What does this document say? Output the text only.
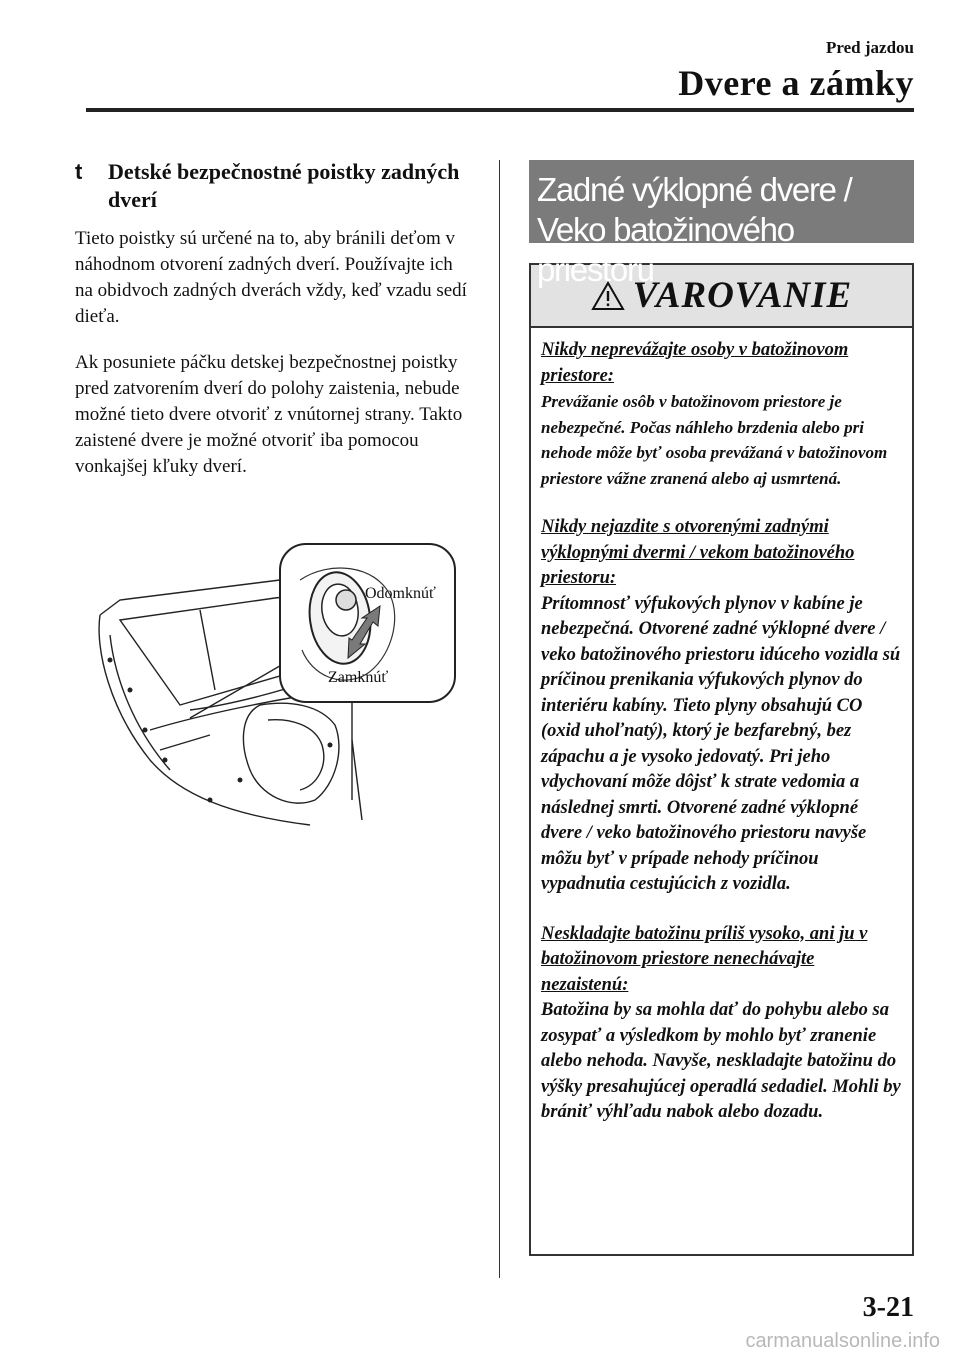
Pred jazdou
Dvere a zámky
t	Detské bezpečnostné poistky zadných dverí

Tieto poistky sú určené na to, aby bránili deťom v náhodnom otvorení zadných dverí. Používajte ich na obidvoch zadných dverách vždy, keď vzadu sedí dieťa.

Ak posuniete páčku detskej bezpečnostnej poistky pred zatvorením dverí do polohy zaistenia, nebude možné tieto dvere otvoriť z vnútornej strany. Takto zaistené dvere je možné otvoriť iba pomocou vonkajšej kľuky dverí.

Odomknúť
Zamknúť
Zadné výklopné dvere / Veko batožinového priestoru
VAROVANIE
Nikdy neprevážajte osoby v batožinovom priestore:
Prevážanie osôb v batožinovom priestore je nebezpečné. Počas náhleho brzdenia alebo pri nehode môže byť osoba prevážaná v batožinovom priestore vážne zranená alebo aj usmrtená.
Nikdy nejazdite s otvorenými zadnými výklopnými dvermi / vekom batožinového priestoru:
Prítomnosť výfukových plynov v kabíne je nebezpečná. Otvorené zadné výklopné dvere / veko batožinového priestoru idúceho vozidla sú príčinou prenikania výfukových plynov do interiéru kabíny. Tieto plyny obsahujú CO (oxid uhoľnatý), ktorý je bezfarebný, bez zápachu a je vysoko jedovatý. Pri jeho vdychovaní môže dôjsť k strate vedomia a následnej smrti. Otvorené zadné výklopné dvere / veko batožinového priestoru navyše môžu byť v prípade nehody príčinou vypadnutia cestujúcich z vozidla.
Neskladajte batožinu príliš vysoko, ani ju v batožinovom priestore nenechávajte nezaistenú:
Batožina by sa mohla dať do pohybu alebo sa zosypať a výsledkom by mohlo byť zranenie alebo nehoda. Navyše, neskladajte batožinu do výšky presahujúcej operadlá sedadiel. Mohli by brániť výhľadu nabok alebo dozadu.
3-21
carmanualsonline.info
